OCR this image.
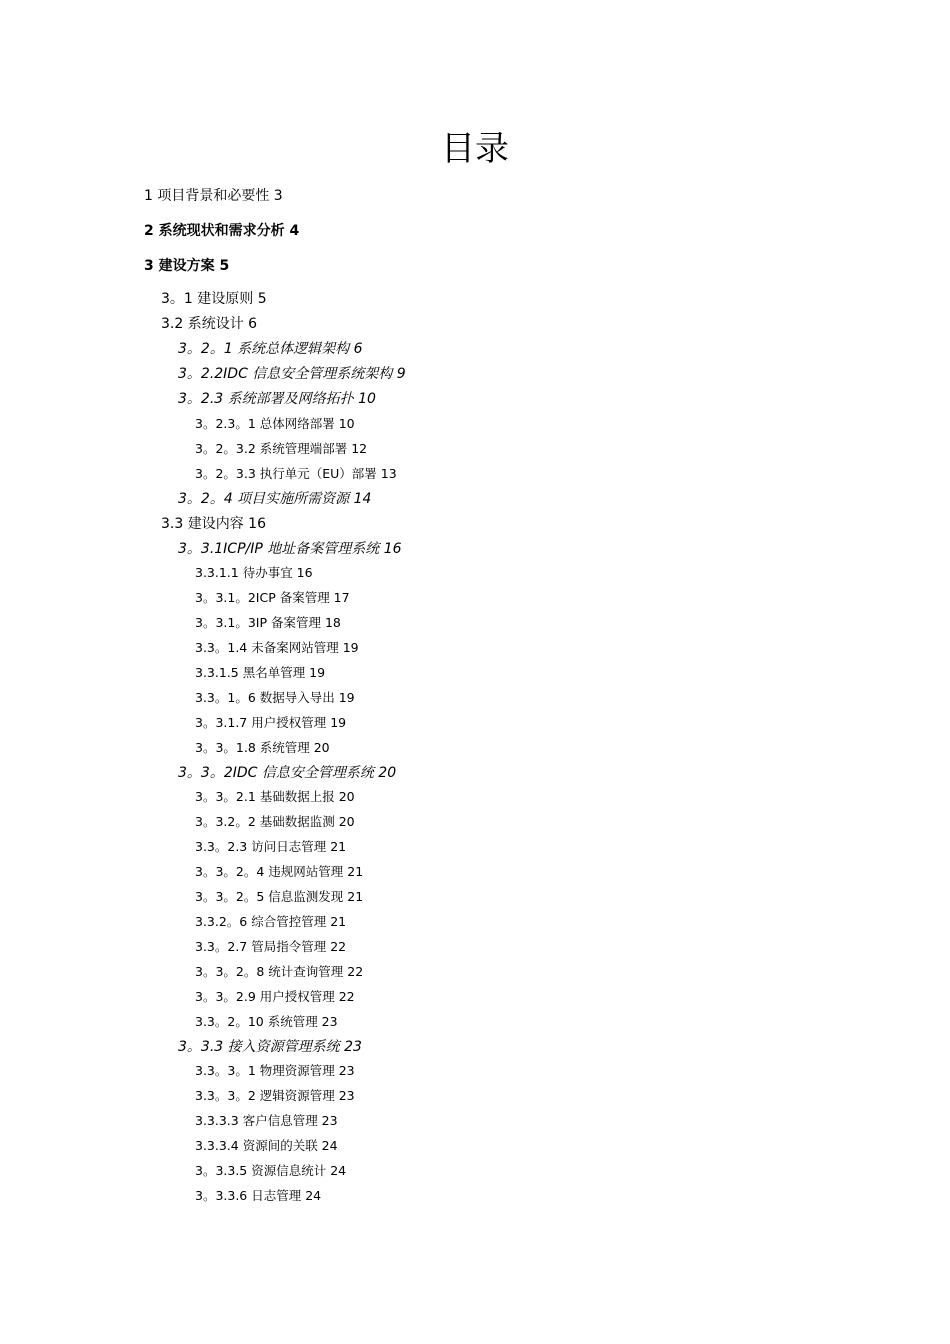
目录
1 项目背景和必要性 3
2 系统现状和需求分析 4
3 建设方案 5
3。1 建设原则 5
3.2 系统设计 6
3。2。1 系统总体逻辑架构 6
3。2.2IDC 信息安全管理系统架构 9
3。2.3 系统部署及网络拓扑 10
3。2.3。1 总体网络部署 10
3。2。3.2 系统管理端部署 12
3。2。3.3 执行单元（EU）部署 13
3。2。4 项目实施所需资源 14
3.3 建设内容 16
3。3.1ICP/IP 地址备案管理系统 16
3.3.1.1 待办事宜 16
3。3.1。2ICP 备案管理 17
3。3.1。3IP 备案管理 18
3.3。1.4 未备案网站管理 19
3.3.1.5 黑名单管理 19
3.3。1。6 数据导入导出 19
3。3.1.7 用户授权管理 19
3。3。1.8 系统管理 20
3。3。2IDC 信息安全管理系统 20
3。3。2.1 基础数据上报 20
3。3.2。2 基础数据监测 20
3.3。2.3 访问日志管理 21
3。3。2。4 违规网站管理 21
3。3。2。5 信息监测发现 21
3.3.2。6 综合管控管理 21
3.3。2.7 管局指令管理 22
3。3。2。8 统计查询管理 22
3。3。2.9 用户授权管理 22
3.3。2。10 系统管理 23
3。3.3 接入资源管理系统 23
3.3。3。1 物理资源管理 23
3.3。3。2 逻辑资源管理 23
3.3.3.3 客户信息管理 23
3.3.3.4 资源间的关联 24
3。3.3.5 资源信息统计 24
3。3.3.6 日志管理 24
